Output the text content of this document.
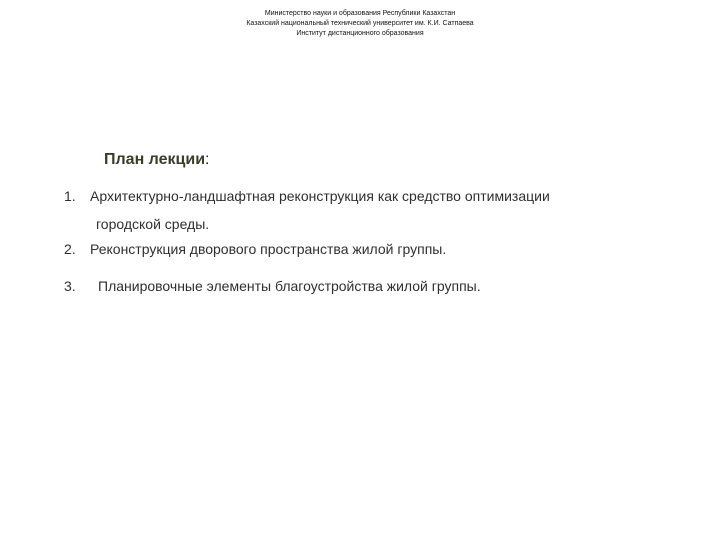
Министерство науки и образования Республики Казахстан
Казахский национальный технический университет им. К.И. Сатпаева
Институт дистанционного образования
План лекции:
1. Архитектурно-ландшафтная реконструкция как средство оптимизации
городской среды.
2. Реконструкция дворового пространства жилой группы.
3. Планировочные элементы благоустройства жилой группы.
